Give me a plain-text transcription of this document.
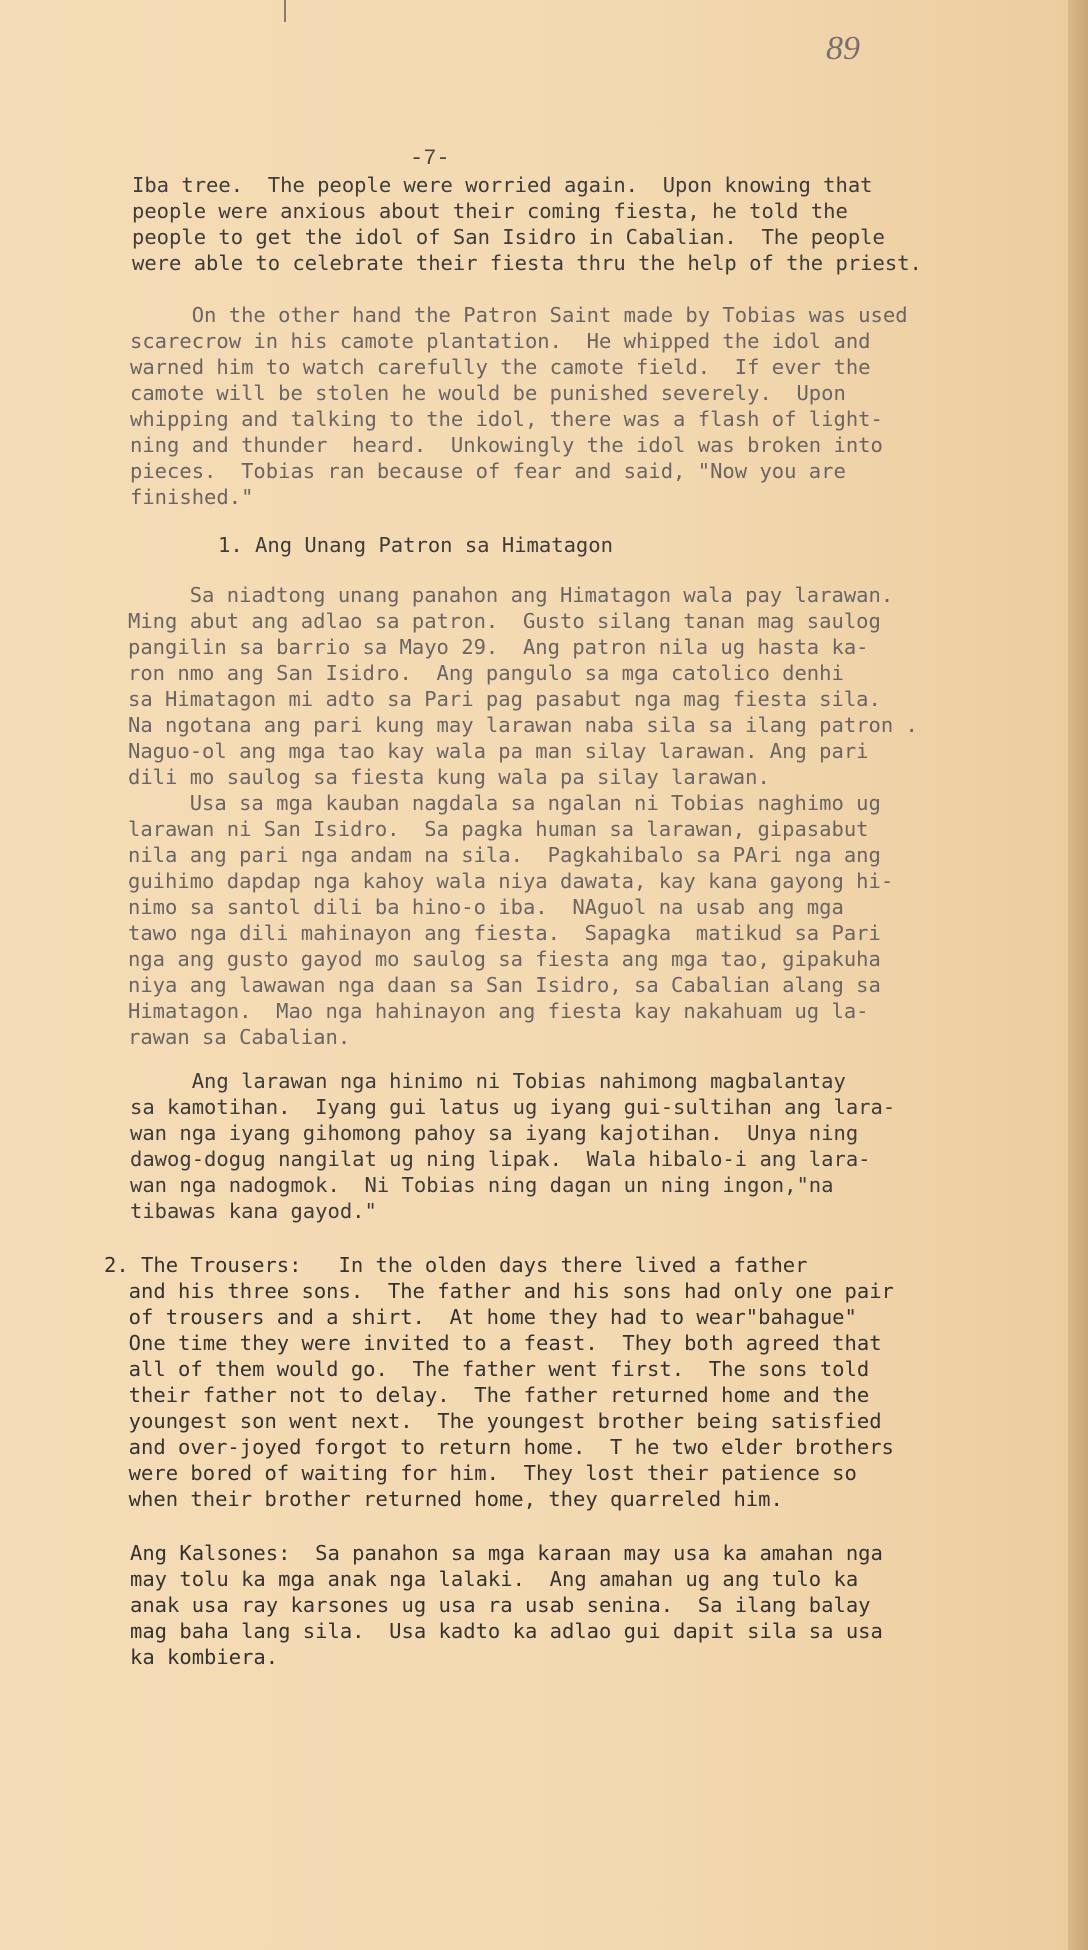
89
-7-
Iba tree.  The people were worried again.  Upon knowing that
people were anxious about their coming fiesta, he told the
people to get the idol of San Isidro in Cabalian.  The people
were able to celebrate their fiesta thru the help of the priest.
On the other hand the Patron Saint made by Tobias was used
scarecrow in his camote plantation.  He whipped the idol and
warned him to watch carefully the camote field.  If ever the
camote will be stolen he would be punished severely.  Upon
whipping and talking to the idol, there was a flash of light-
ning and thunder  heard.  Unkowingly the idol was broken into
pieces.  Tobias ran because of fear and said, "Now you are
finished."
1. Ang Unang Patron sa Himatagon
Sa niadtong unang panahon ang Himatagon wala pay larawan.
Ming abut ang adlao sa patron.  Gusto silang tanan mag saulog
pangilin sa barrio sa Mayo 29.  Ang patron nila ug hasta ka-
ron nmo ang San Isidro.  Ang pangulo sa mga catolico denhi
sa Himatagon mi adto sa Pari pag pasabut nga mag fiesta sila.
Na ngotana ang pari kung may larawan naba sila sa ilang patron .
Naguo-ol ang mga tao kay wala pa man silay larawan. Ang pari
dili mo saulog sa fiesta kung wala pa silay larawan.
Usa sa mga kauban nagdala sa ngalan ni Tobias naghimo ug
larawan ni San Isidro.  Sa pagka human sa larawan, gipasabut
nila ang pari nga andam na sila.  Pagkahibalo sa PAri nga ang
guihimo dapdap nga kahoy wala niya dawata, kay kana gayong hi-
nimo sa santol dili ba hino-o iba.  NAguol na usab ang mga
tawo nga dili mahinayon ang fiesta.  Sapagka  matikud sa Pari
nga ang gusto gayod mo saulog sa fiesta ang mga tao, gipakuha
niya ang lawawan nga daan sa San Isidro, sa Cabalian alang sa
Himatagon.  Mao nga hahinayon ang fiesta kay nakahuam ug la-
rawan sa Cabalian.
Ang larawan nga hinimo ni Tobias nahimong magbalantay
sa kamotihan.  Iyang gui latus ug iyang gui-sultihan ang lara-
wan nga iyang gihomong pahoy sa iyang kajotihan.  Unya ning
dawog-dogug nangilat ug ning lipak.  Wala hibalo-i ang lara-
wan nga nadogmok.  Ni Tobias ning dagan un ning ingon,"na
tibawas kana gayod."
2. The Trousers:   In the olden days there lived a father
and his three sons.  The father and his sons had only one pair
of trousers and a shirt.  At home they had to wear"bahague"
One time they were invited to a feast.  They both agreed that
all of them would go.  The father went first.  The sons told
their father not to delay.  The father returned home and the
youngest son went next.  The youngest brother being satisfied
and over-joyed forgot to return home.  T he two elder brothers
were bored of waiting for him.  They lost their patience so
when their brother returned home, they quarreled him.
Ang Kalsones:  Sa panahon sa mga karaan may usa ka amahan nga
may tolu ka mga anak nga lalaki.  Ang amahan ug ang tulo ka
anak usa ray karsones ug usa ra usab senina.  Sa ilang balay
mag baha lang sila.  Usa kadto ka adlao gui dapit sila sa usa
ka kombiera.
